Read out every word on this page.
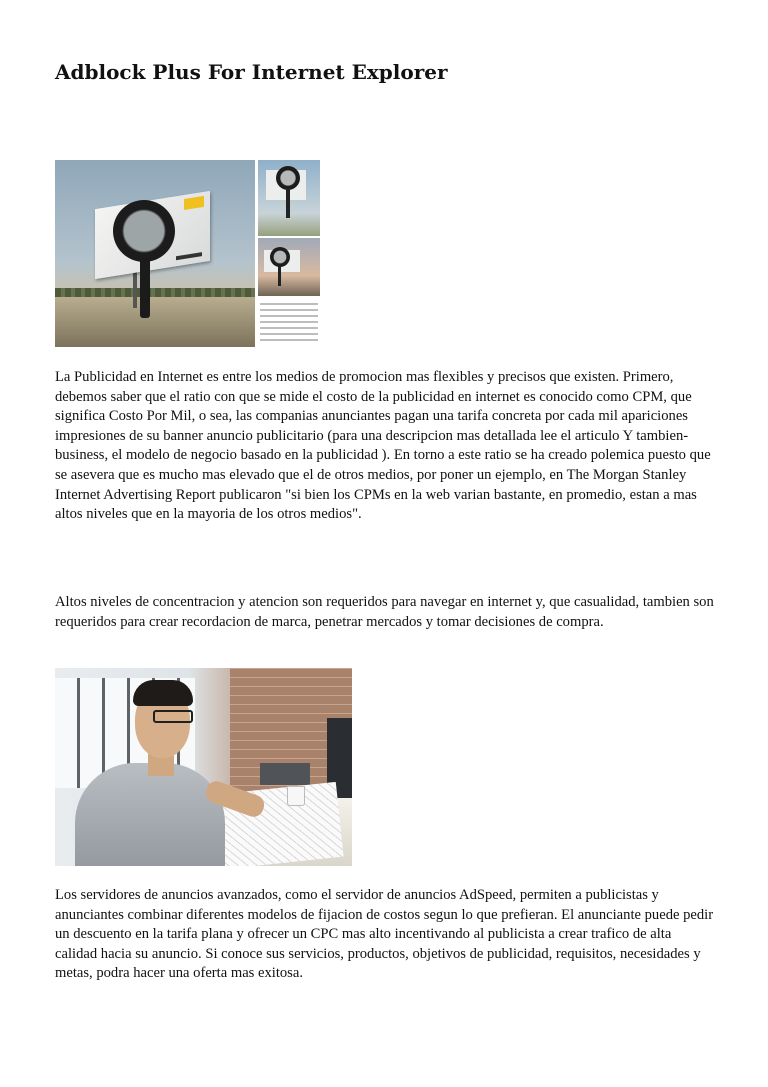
Adblock Plus For Internet Explorer

La Publicidad en Internet es entre los medios de promocion mas flexibles y precisos que existen. Primero, debemos saber que el ratio con que se mide el costo de la publicidad en internet es conocido como CPM, que significa Costo Por Mil, o sea, las companias anunciantes pagan una tarifa concreta por cada mil apariciones impresiones de su banner anuncio publicitario (para una descripcion mas detallada lee el articulo Y tambien-business, el modelo de negocio basado en la publicidad ). En torno a este ratio se ha creado polemica puesto que se asevera que es mucho mas elevado que el de otros medios, por poner un ejemplo, en The Morgan Stanley Internet Advertising Report publicaron "si bien los CPMs en la web varian bastante, en promedio, estan a mas altos niveles que en la mayoria de los otros medios".

Altos niveles de concentracion y atencion son requeridos para navegar en internet y, que casualidad, tambien son requeridos para crear recordacion de marca, penetrar mercados y tomar decisiones de compra.

Los servidores de anuncios avanzados, como el servidor de anuncios AdSpeed, permiten a publicistas y anunciantes combinar diferentes modelos de fijacion de costos segun lo que prefieran. El anunciante puede pedir un descuento en la tarifa plana y ofrecer un CPC mas alto incentivando al publicista a crear trafico de alta calidad hacia su anuncio. Si conoce sus servicios, productos, objetivos de publicidad, requisitos, necesidades y metas, podra hacer una oferta mas exitosa.
